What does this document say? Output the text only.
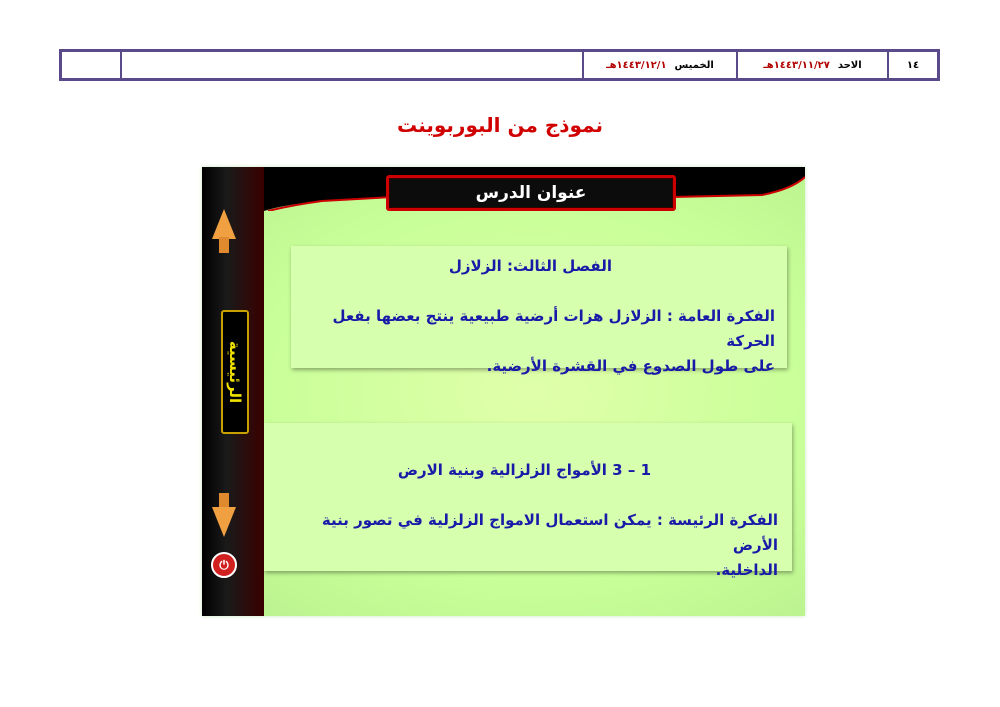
١٤
الاحد
١٤٤٣/١١/٢٧هـ
الخميس
١٤٤٣/١٢/١هـ
نموذج من البوربوينت
الرئيسية
⏻
عنوان الدرس

الفصل الثالث: الزلازل

الفكرة العامة : الزلازل هزات أرضية طبيعية ينتج بعضها بفعل الحركة

على طول الصدوع في القشرة الأرضية.

1 – 3 الأمواج الزلزالية وبنية الارض

الفكرة الرئيسة : يمكن استعمال الامواج الزلزلية في تصور بنية الأرض

الداخلية.
